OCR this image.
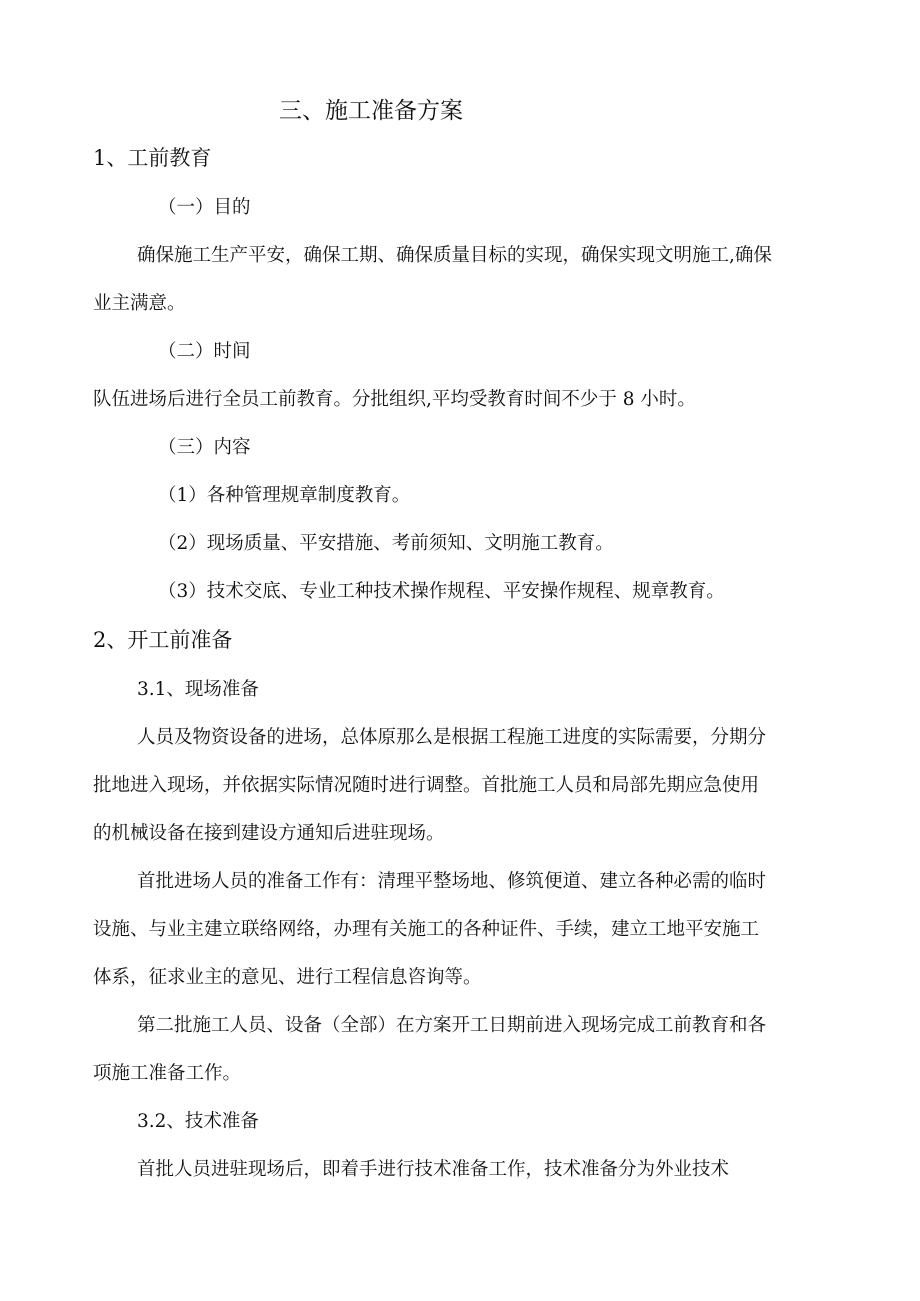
三、施工准备方案

1、工前教育

（一）目的

确保施工生产平安，确保工期、确保质量目标的实现，确保实现文明施工,确保

业主满意。

（二）时间

队伍进场后进行全员工前教育。分批组织,平均受教育时间不少于 8 小时。

（三）内容

（1）各种管理规章制度教育。

（2）现场质量、平安措施、考前须知、文明施工教育。

（3）技术交底、专业工种技术操作规程、平安操作规程、规章教育。

2、开工前准备

3.1、现场准备

人员及物资设备的进场，总体原那么是根据工程施工进度的实际需要，分期分

批地进入现场，并依据实际情况随时进行调整。首批施工人员和局部先期应急使用

的机械设备在接到建设方通知后进驻现场。

首批进场人员的准备工作有：清理平整场地、修筑便道、建立各种必需的临时

设施、与业主建立联络网络，办理有关施工的各种证件、手续，建立工地平安施工

体系，征求业主的意见、进行工程信息咨询等。

第二批施工人员、设备（全部）在方案开工日期前进入现场完成工前教育和各

项施工准备工作。

3.2、技术准备

首批人员进驻现场后，即着手进行技术准备工作，技术准备分为外业技术
